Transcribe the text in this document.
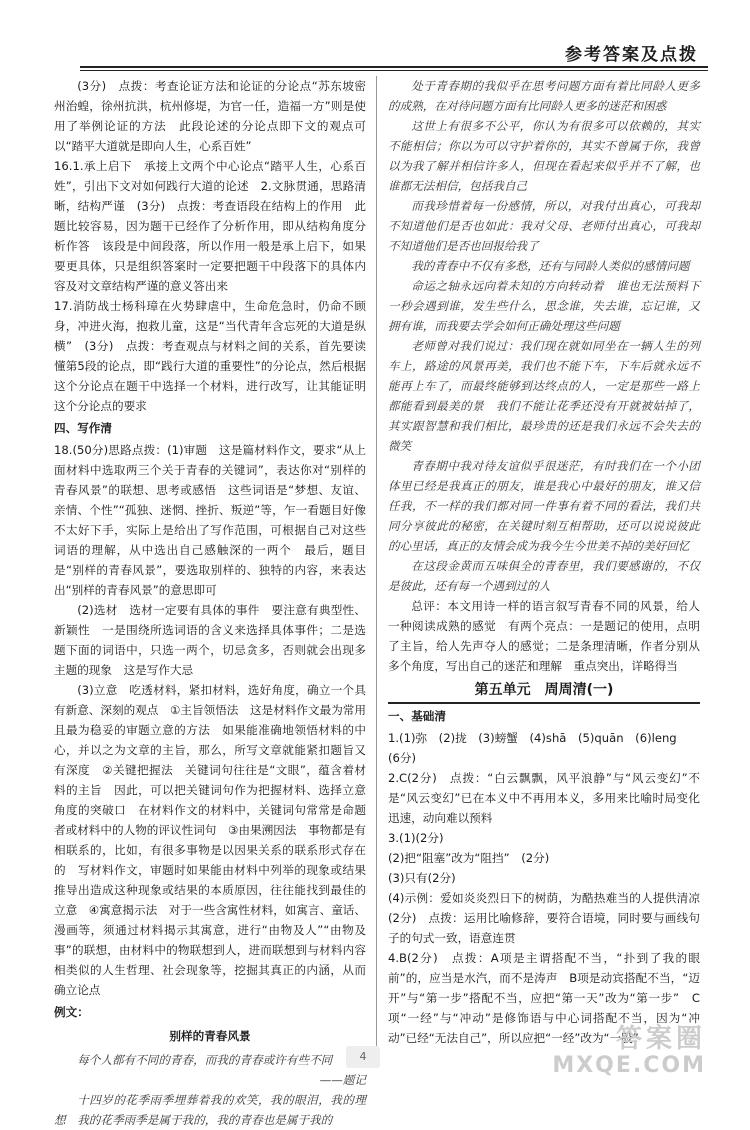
参考答案及点拨

(3分)　点拨：考查论证方法和论证的分论点“苏东坡密州治蝗，徐州抗洪，杭州修堤，为官一任，造福一方”则是使用了举例论证的方法　此段论述的分论点即下文的观点可以“踏平大道就是即向人生，心系百姓”

16.1.承上启下　承接上文两个中心论点“踏平人生，心系百姓”，引出下文对如何践行大道的论述　2.文脉贯通，思路清晰，结构严谨　(3分)　点拨：考查语段在结构上的作用　此题比较容易，因为题干已经作了分析作用，即从结构角度分析作答　该段是中间段落，所以作用一般是承上启下，如果要更具体，只是组织答案时一定要把题干中段落下的具体内容及对文章结构严谨的意义答出来

17.消防战士杨科璋在火势肆虐中，生命危急时，仍命不顾身，冲进火海，抱救儿童，这是“当代青年含忘死的大道是纵横”　(3分)　点拨：考查观点与材料之间的关系，首先要读懂第5段的论点，即“践行大道的重要性”的分论点，然后根据这个分论点在题干中选择一个材料，进行改写，让其能证明这个分论点的要求

四、写作清

18.(50分)思路点拨：(1)审题　这是篇材料作文，要求“从上面材料中选取两三个关于青春的关键词”，表达你对“别样的青春风景”的联想、思考或感悟　这些词语是“梦想、友谊、亲情、个性”“孤独、迷惘、挫折、叛逆”等，乍一看题目好像不太好下手，实际上是给出了写作范围，可根据自己对这些词语的理解，从中选出自己感触深的一两个　最后，题目是“别样的青春风景”，要选取别样的、独特的内容，来表达出“别样的青春风景”的意思即可

(2)选材　选材一定要有具体的事件　要注意有典型性、新颖性　一是围绕所选词语的含义来选择具体事件；二是选题下面的词语中，只选一两个，切忌贪多，否则就会出现多主题的现象　这是写作大忌

(3)立意　吃透材料，紧扣材料，选好角度，确立一个具有新意、深刻的观点　①主旨领悟法　这是材料作文最为常用且最为稳妥的审题立意的方法　如果能准确地领悟材料的中心，并以之为文章的主旨，那么，所写文章就能紧扣题旨又有深度　②关键把握法　关键词句往往是“文眼”，蕴含着材料的主旨　因此，可以把关键词句作为把握材料、选择立意角度的突破口　在材料作文的材料中，关键词句常常是命题者或材料中的人物的评议性词句　③由果溯因法　事物都是有相联系的，比如，有很多事物是以因果关系的联系形式存在的　写材料作文，审题时如果能由材料中列举的现象或结果推导出造成这种现象或结果的本质原因，往往能找到最佳的立意　④寓意揭示法　对于一些含寓性材料，如寓言、童话、漫画等，须通过材料揭示其寓意，进行“由物及人”“由物及事”的联想，由材料中的物联想到人，进而联想到与材料内容相类似的人生哲理、社会现象等，挖掘其真正的内涵，从而确立论点

例文：

别样的青春风景

每个人都有不同的青春，而我的青春或许有些不同

——题记

十四岁的花季雨季埋葬着我的欢笑，我的眼泪，我的理想　我的花季雨季是属于我的，我的青春也是属于我的

处于青春期的我似乎在思考问题方面有着比同龄人更多的成熟，在对待问题方面有比同龄人更多的迷茫和困惑

这世上有很多不公平，你认为有很多可以依赖的，其实不能相信；你以为可以守护着你的，其实不曾属于你，我曾以为我了解并相信许多人，但现在看起来似乎并不了解，也谁都无法相信，包括我自己

而我珍惜着每一份感情，所以，对我付出真心，可我却不知道他们是否也如此：我对父母、老师付出真心，可我却不知道他们是否也回报给我了

我的青春中不仅有多愁，还有与同龄人类似的感情问题

命运之轴永远向着未知的方向转动着　谁也无法预料下一秒会遇到谁，发生些什么，思念谁，失去谁，忘记谁，又拥有谁，而我要去学会如何正确处理这些问题

老师曾对我们说过：我们现在就如同坐在一辆人生的列车上，路途的风景再美，我们也不能下车，下车后就永远不能再上车了，而最终能够到达终点的人，一定是那些一路上都能看到最美的景　我们不能让花季还没有开就被姑掉了，其实跟智慧和我们相比，最珍贵的还是我们永远不会失去的微笑

青春期中我对待友谊似乎很迷茫，有时我们在一个小团体里已经是我真正的朋友，谁是我心中最好的朋友，谁又信任我，不一样的我们都对同一件事有着不同的看法，我们共同分享彼此的秘密，在关键时刻互相帮助，还可以说说彼此的心里话，真正的友情会成为我今生今世美不掉的美好回忆

在这段金黄而五味俱全的青春里，我们要感谢的，不仅是彼此，还有每一个遇到过的人

总评：本文用诗一样的语言叙写青春不同的风景，给人一种阅读成熟的感觉　有两个亮点：一是题记的使用，点明了主旨，给人先声夺人的感觉；二是条理清晰，作者分别从多个角度，写出自己的迷茫和理解　重点突出，详略得当

第五单元　周周清(一)

一、基础清

1.(1)弥　(2)拢　(3)螃蟹　(4)shā　(5)quān　(6)leng

(6分)

2.C(2分)　点拨：“白云飘飘，风平浪静”与“风云变幻”不是“风云变幻”已在本义中不再用本义，多用来比喻时局变化迅速，动向难以预料

3.(1)(2分)

(2)把“阻塞”改为“阻挡”　(2分)

(3)只有(2分)

(4)示例：爱如炎炎烈日下的树荫，为酷热难当的人提供清凉(2分)　点拨：运用比喻修辞，要符合语境，同时要与画线句子的句式一致，语意连贯

4.B(2分)　点拨：A项是主谓搭配不当，“扑到了我的眼前”的，应当是水汽，而不是涛声　B项是动宾搭配不当，“迈开”与“第一步”搭配不当，应把“第一天”改为“第一步”　C项“一经”与“冲动”是修饰语与中心词搭配不当，因为“冲动”已经“无法自己”，所以应把“一经”改为“一股”

4
答案圈
MXQE.COM
